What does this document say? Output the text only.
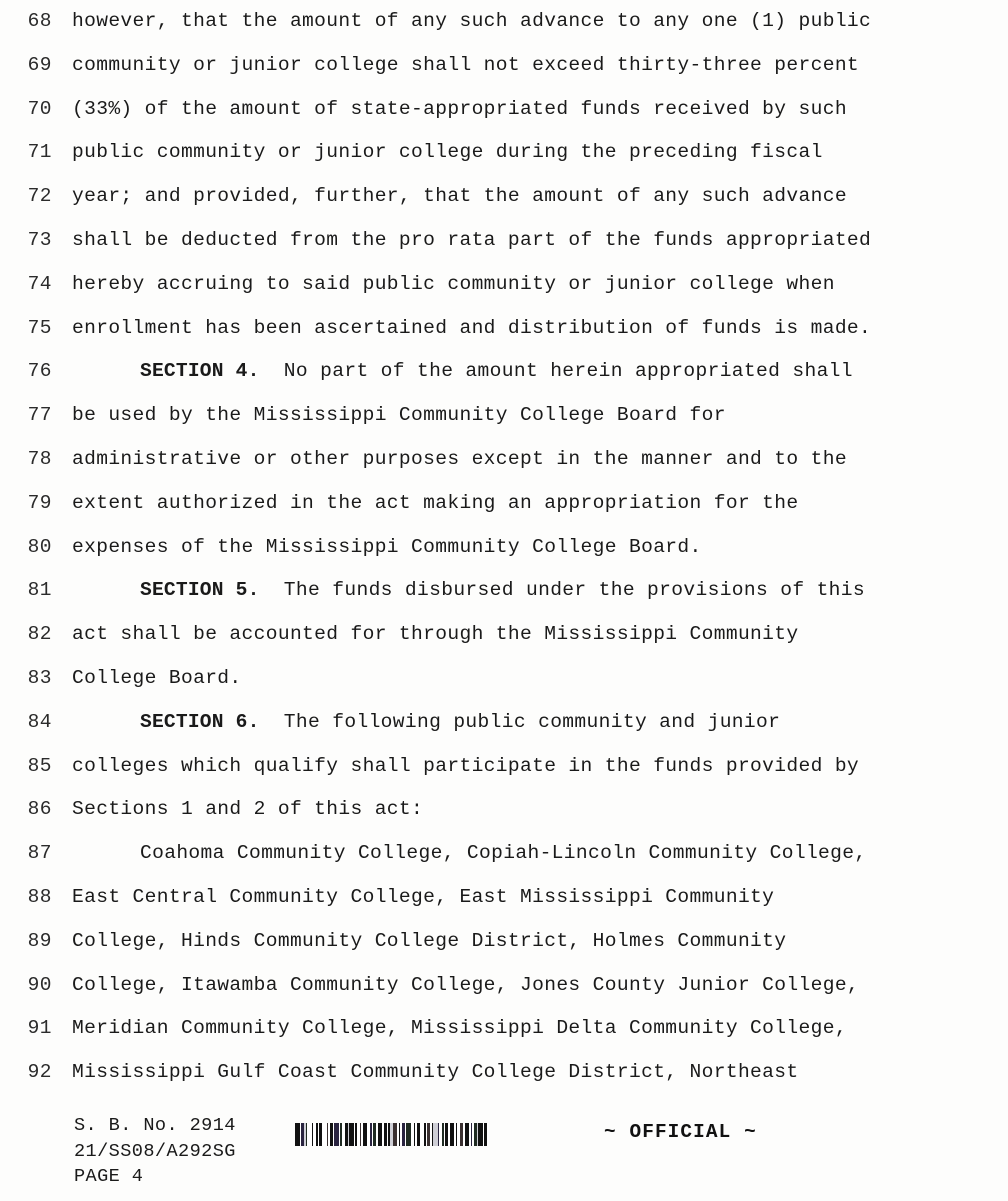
68 however, that the amount of any such advance to any one (1) public
69 community or junior college shall not exceed thirty-three percent
70 (33%) of the amount of state-appropriated funds received by such
71 public community or junior college during the preceding fiscal
72 year; and provided, further, that the amount of any such advance
73 shall be deducted from the pro rata part of the funds appropriated
74 hereby accruing to said public community or junior college when
75 enrollment has been ascertained and distribution of funds is made.
76	SECTION 4.  No part of the amount herein appropriated shall
77 be used by the Mississippi Community College Board for
78 administrative or other purposes except in the manner and to the
79 extent authorized in the act making an appropriation for the
80 expenses of the Mississippi Community College Board.
81	SECTION 5.  The funds disbursed under the provisions of this
82 act shall be accounted for through the Mississippi Community
83 College Board.
84	SECTION 6.  The following public community and junior
85 colleges which qualify shall participate in the funds provided by
86 Sections 1 and 2 of this act:
87	Coahoma Community College, Copiah-Lincoln Community College,
88 East Central Community College, East Mississippi Community
89 College, Hinds Community College District, Holmes Community
90 College, Itawamba Community College, Jones County Junior College,
91 Meridian Community College, Mississippi Delta Community College,
92 Mississippi Gulf Coast Community College District, Northeast
S. B. No. 2914
21/SS08/A292SG
PAGE 4
~ OFFICIAL ~
